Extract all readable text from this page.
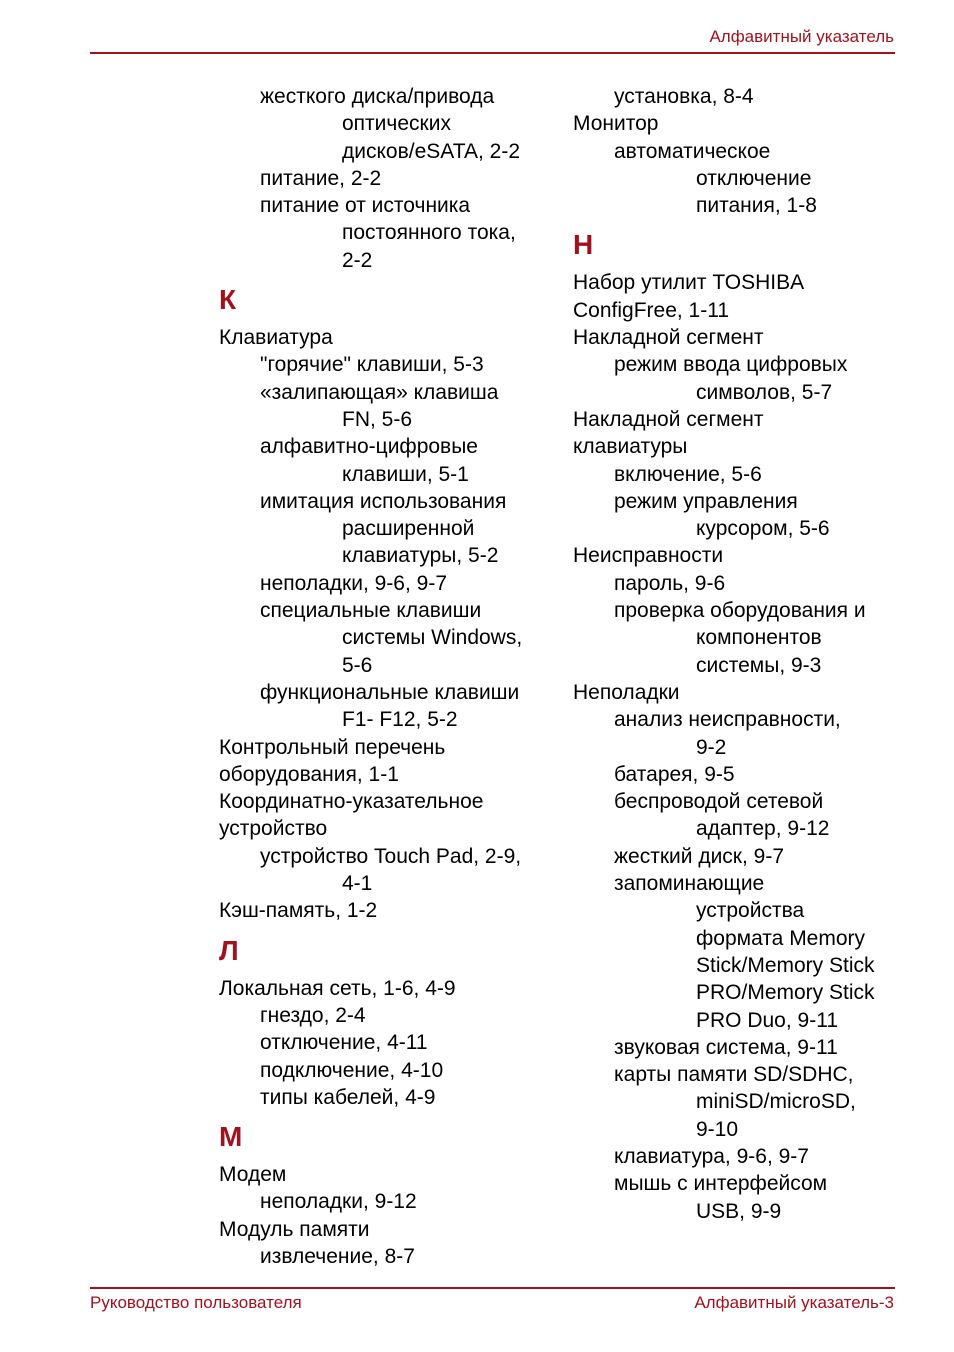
Алфавитный указатель
жесткого диска/привода
оптических
дисков/eSATA, 2-2
питание, 2-2
питание от источника
постоянного тока,
2-2
К
Клавиатура
"горячие" клавиши, 5-3
«залипающая» клавиша
FN, 5-6
алфавитно-цифровые
клавиши, 5-1
имитация использования
расширенной
клавиатуры, 5-2
неполадки, 9-6, 9-7
специальные клавиши
системы Windows,
5-6
функциональные клавиши
F1- F12, 5-2
Контрольный перечень
оборудования, 1-1
Координатно-указательное
устройство
устройство Touch Pad, 2-9,
4-1
Кэш-память, 1-2
Л
Локальная сеть, 1-6, 4-9
гнездо, 2-4
отключение, 4-11
подключение, 4-10
типы кабелей, 4-9
М
Модем
неполадки, 9-12
Модуль памяти
извлечение, 8-7
установка, 8-4
Монитор
автоматическое
отключение
питания, 1-8
Н
Набор утилит TOSHIBA
ConfigFree, 1-11
Накладной сегмент
режим ввода цифровых
символов, 5-7
Накладной сегмент
клавиатуры
включение, 5-6
режим управления
курсором, 5-6
Неисправности
пароль, 9-6
проверка оборудования и
компонентов
системы, 9-3
Неполадки
анализ неисправности,
9-2
батарея, 9-5
беспроводой сетевой
адаптер, 9-12
жесткий диск, 9-7
запоминающие
устройства
формата Memory
Stick/Memory Stick
PRO/Memory Stick
PRO Duo, 9-11
звуковая система, 9-11
карты памяти SD/SDHC,
miniSD/microSD,
9-10
клавиатура, 9-6, 9-7
мышь с интерфейсом
USB, 9-9
Руководство пользователя	Алфавитный указатель-3
